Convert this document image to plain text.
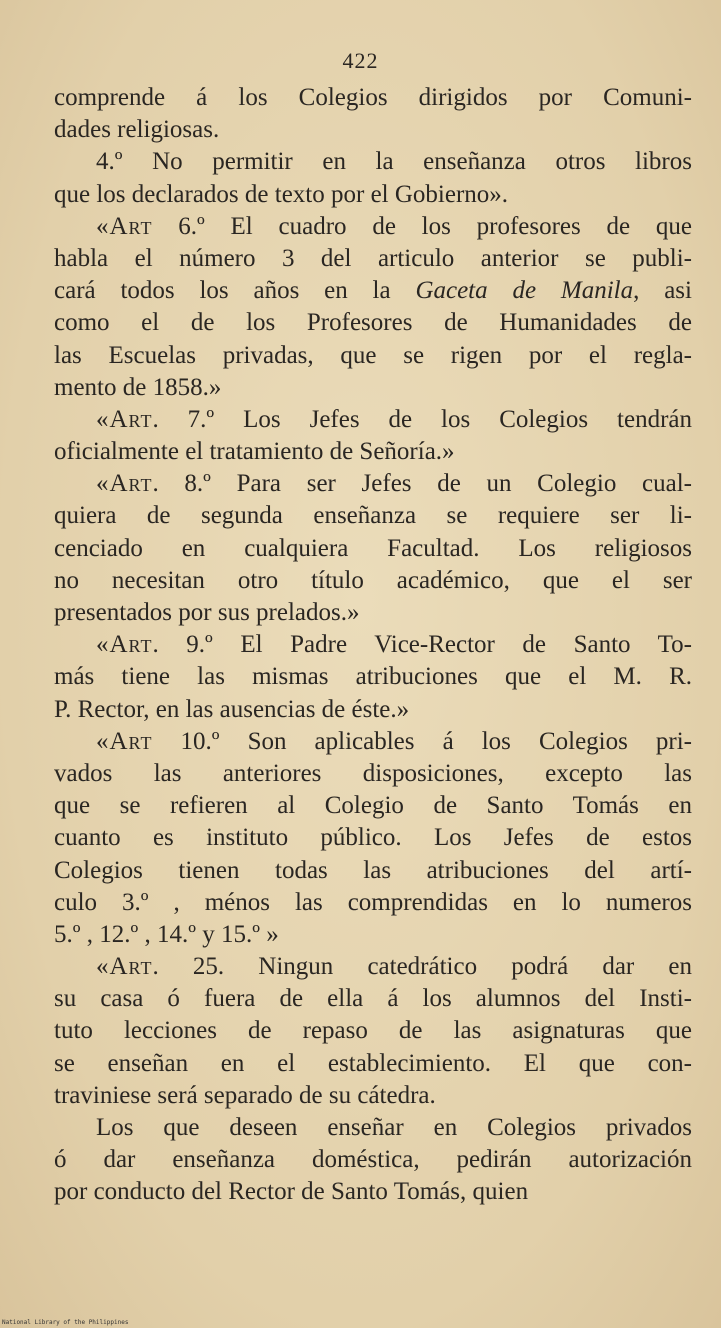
422
comprende á los Colegios dirigidos por Comuni-
dades religiosas.
4.º No permitir en la enseñanza otros libros
que los declarados de texto por el Gobierno».
«Art 6.º El cuadro de los profesores de que
habla el número 3 del articulo anterior se publi-
cará todos los años en la Gaceta de Manila, asi
como el de los Profesores de Humanidades de
las Escuelas privadas, que se rigen por el regla-
mento de 1858.»
«Art. 7.º Los Jefes de los Colegios tendrán
oficialmente el tratamiento de Señoría.»
«Art. 8.º Para ser Jefes de un Colegio cual-
quiera de segunda enseñanza se requiere ser li-
cenciado en cualquiera Facultad. Los religiosos
no necesitan otro título académico, que el ser
presentados por sus prelados.»
«Art. 9.º El Padre Vice-Rector de Santo To-
más tiene las mismas atribuciones que el M. R.
P. Rector, en las ausencias de éste.»
«Art 10.º Son aplicables á los Colegios pri-
vados las anteriores disposiciones, excepto las
que se refieren al Colegio de Santo Tomás en
cuanto es instituto público. Los Jefes de estos
Colegios tienen todas las atribuciones del artí-
culo 3.º , ménos las comprendidas en lo numeros
5.º , 12.º , 14.º y 15.º »
«Art. 25. Ningun catedrático podrá dar en
su casa ó fuera de ella á los alumnos del Insti-
tuto lecciones de repaso de las asignaturas que
se enseñan en el establecimiento. El que con-
traviniese será separado de su cátedra.
Los que deseen enseñar en Colegios privados
ó dar enseñanza doméstica, pedirán autorización
por conducto del Rector de Santo Tomás, quien
National Library of the Philippines
